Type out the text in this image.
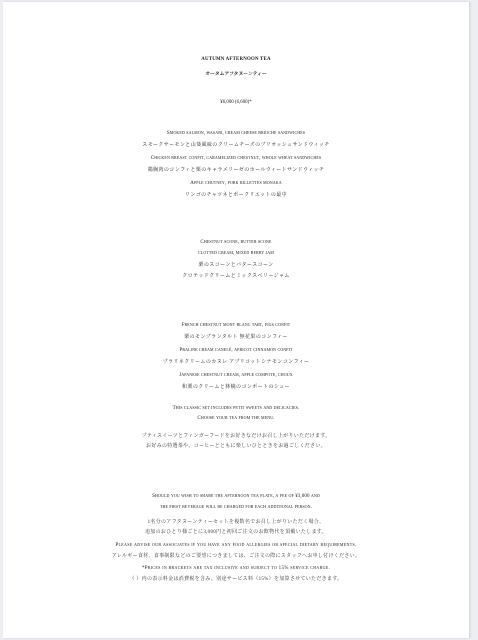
AUTUMN AFTERNOON TEA
オータムアフタヌーンティー
¥6,000 (6,600)*
Smoked salmon, wasabi, cream cheese brioche sandwiches
スモークサーモンと山葵風味のクリームチーズのブリオッシュサンドウィッチ
Chicken breast confit, caramelized chestnut, whole wheat sandwiches
鶏胸肉のコンフィと栗のキャラメリーゼのホールウィートサンドウィッチ
Apple chutney, pork rillettes monaka
リンゴのチャツネとポークリエットの最中
Chestnut scone, butter scone
clotted cream, mixed berry jam
栗のスコーンとバタースコーン
クロテッドクリームとミックスベリージャム
French chestnut mont blanc tart, figs confit
栗のモンブランタルト 無花果のコンフィー
Praline cream canelé, apricot cinnamon confit
プラリネクリームのカヌレ アプリコットシナモンコンフィー
Japanese chestnut cream, apple compote, choux
和栗のクリームと林檎のコンポートのシュー
This classic set includes petit sweets and delicacies.
Choose your tea from the menu.
プティスイーツとフィンガーフードをお好きなだけお召し上がりいただけます。
お好みの特選茶や、コーヒーとともに楽しいひとときをお過ごしください。
Should you wish to share the afternoon tea plate, a fee of ¥3,000 and
the first beverage will be charged for each additional person.
1名分のアフタヌーンティーセットを複数名でお召し上がりいただく場合、
追加のおひとり様ごとに3,000円と初回ご注文のお飲物代を頂戴いたします。
Please advise our associates if you have any food allergies or special dietary requirements.
アレルギー食材、食事制限などのご要望につきましては、ご注文の際にスタッフへお申し付けください。
*Prices in brackets are tax inclusive and subject to 15% service charge.
（ ）内の表示料金は消費税を含み、別途サービス料（15%）を加算させていただきます。
